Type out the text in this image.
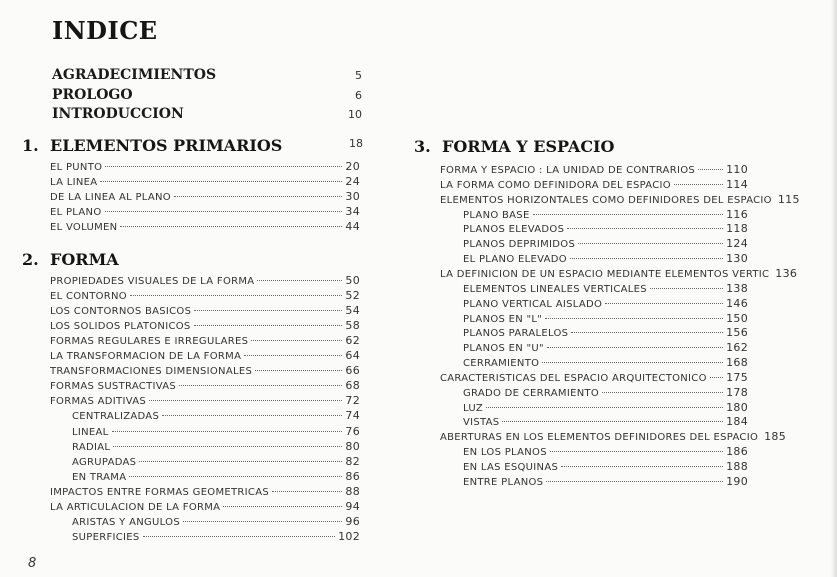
INDICE
AGRADECIMIENTOS	5
PROLOGO	6
INTRODUCCION	10
1. ELEMENTOS PRIMARIOS	18
EL PUNTO	20
LA LINEA	24
DE LA LINEA AL PLANO	30
EL PLANO	34
EL VOLUMEN	44
2. FORMA
PROPIEDADES VISUALES DE LA FORMA	50
EL CONTORNO	52
LOS CONTORNOS BASICOS	54
LOS SOLIDOS PLATONICOS	58
FORMAS REGULARES E IRREGULARES	62
LA TRANSFORMACION DE LA FORMA	64
TRANSFORMACIONES DIMENSIONALES	66
FORMAS SUSTRACTIVAS	68
FORMAS ADITIVAS	72
CENTRALIZADAS	74
LINEAL	76
RADIAL	80
AGRUPADAS	82
EN TRAMA	86
IMPACTOS ENTRE FORMAS GEOMETRICAS	88
LA ARTICULACION DE LA FORMA	94
ARISTAS Y ANGULOS	96
SUPERFICIES	102
3. FORMA Y ESPACIO
FORMA Y ESPACIO : LA UNIDAD DE CONTRARIOS	110
LA FORMA COMO DEFINIDORA DEL ESPACIO	114
ELEMENTOS HORIZONTALES COMO DEFINIDORES DEL ESPACIO 115
PLANO BASE	116
PLANOS ELEVADOS	118
PLANOS DEPRIMIDOS	124
EL PLANO ELEVADO	130
LA DEFINICION DE UN ESPACIO MEDIANTE ELEMENTOS VERTIC 136
ELEMENTOS LINEALES VERTICALES	138
PLANO VERTICAL AISLADO	146
PLANOS EN "L"	150
PLANOS PARALELOS	156
PLANOS EN "U"	162
CERRAMIENTO	168
CARACTERISTICAS DEL ESPACIO ARQUITECTONICO 175
GRADO DE CERRAMIENTO	178
LUZ	180
VISTAS	184
ABERTURAS EN LOS ELEMENTOS DEFINIDORES DEL ESPACIO 185
EN LOS PLANOS	186
EN LAS ESQUINAS	188
ENTRE PLANOS	190
8
